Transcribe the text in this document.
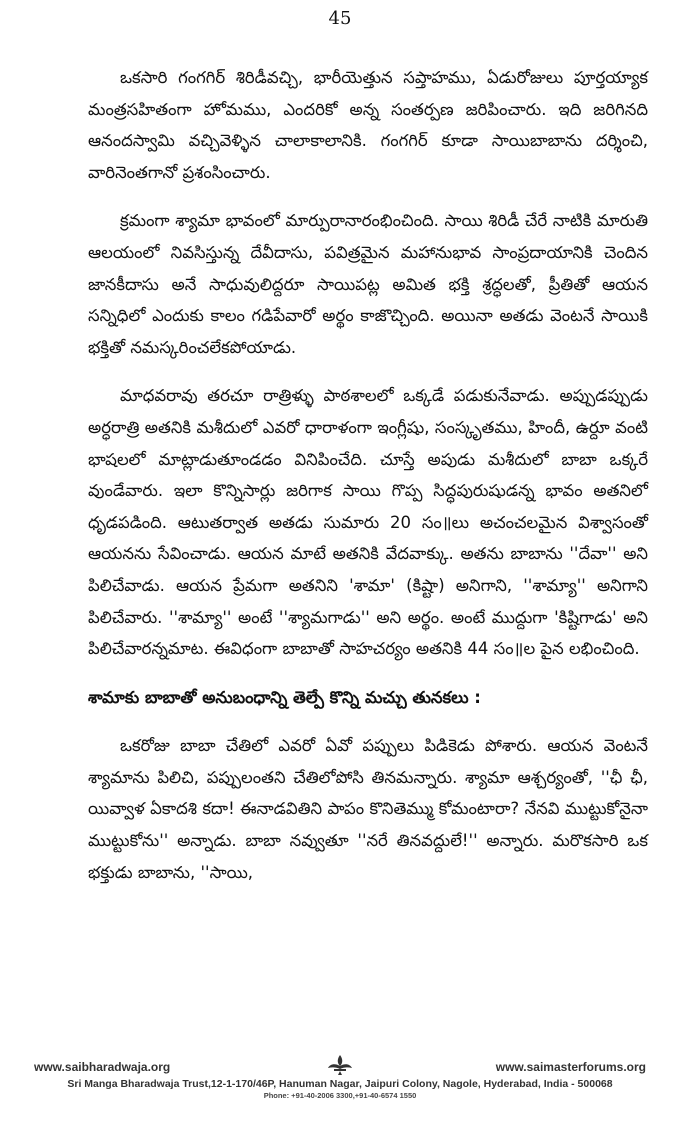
45

ఒకసారి గంగగిర్ శిరిడీవచ్చి, భారీయెత్తున సప్తాహము, ఏడురోజులు పూర్తయ్యాక మంత్రసహితంగా హోమము, ఎందరికో అన్న సంతర్పణ జరిపించారు. ఇది జరిగినది ఆనందస్వామి వచ్చివెళ్ళిన చాలాకాలానికి. గంగగిర్ కూడా సాయిబాబాను దర్శించి, వారినెంతగానో ప్రశంసించారు.

క్రమంగా శ్యామా భావంలో మార్పురానారంభించింది. సాయి శిరిడీ చేరే నాటికి మారుతి ఆలయంలో నివసిస్తున్న దేవీదాసు, పవిత్రమైన మహానుభావ సాంప్రదాయానికి చెందిన జానకీదాసు అనే సాధువులిద్దరూ సాయిపట్ల అమిత భక్తి శ్రద్ధలతో, ప్రీతితో ఆయన సన్నిధిలో ఎందుకు కాలం గడిపేవారో అర్థం కాజొచ్చింది. అయినా అతడు వెంటనే సాయికి భక్తితో నమస్కరించలేకపోయాడు.

మాధవరావు తరచూ రాత్రిళ్ళు పాఠశాలలో ఒక్కడే పడుకునేవాడు. అప్పుడప్పుడు అర్ధరాత్రి అతనికి మశీదులో ఎవరో ధారాళంగా ఇంగ్లీషు, సంస్కృతము, హిందీ, ఉర్దూ వంటి భాషలలో మాట్లాడుతూండడం వినిపించేది. చూస్తే అపుడు మశీదులో బాబా ఒక్కరే వుండేవారు. ఇలా కొన్నిసార్లు జరిగాక సాయి గొప్ప సిద్ధపురుషుడన్న భావం అతనిలో ధృడపడింది. ఆటుతర్వాత అతడు సుమారు 20 సం॥లు అచంచలమైన విశ్వాసంతో ఆయనను సేవించాడు. ఆయన మాటే అతనికి వేదవాక్కు. అతను బాబాను ''దేవా'' అని పిలిచేవాడు. ఆయన ప్రేమగా అతనిని 'శామా' (కిష్టా) అనిగాని, ''శామ్యా'' అనిగాని పిలిచేవారు. ''శామ్యా'' అంటే ''శ్యామగాడు'' అని అర్థం. అంటే ముద్దుగా 'కిష్టిగాడు' అని పిలిచేవారన్నమాట. ఈవిధంగా బాబాతో సాహచర్యం అతనికి 44 సం॥ల పైన లభించింది.

శామాకు బాబాతో అనుబంధాన్ని తెల్పే కొన్ని మచ్చు తునకలు :

ఒకరోజు బాబా చేతిలో ఎవరో ఏవో పప్పులు పిడికెడు పోశారు. ఆయన వెంటనే శ్యామాను పిలిచి, పప్పులంతని చేతిలోపోసి తినమన్నారు. శ్యామా ఆశ్చర్యంతో, ''ఛీ ఛీ, యివ్వాళ ఏకాదశి కదా! ఈనాడవితిని పాపం కొనితెమ్ము కోమంటారా? నేనవి ముట్టుకోనైనా ముట్టుకోను'' అన్నాడు. బాబా నవ్వుతూ ''నరే తినవద్దులే!'' అన్నారు. మరొకసారి ఒక భక్తుడు బాబాను, ''సాయి,

www.saibharadwaja.org	www.saimasterforums.org
Sri Manga Bharadwaja Trust,12-1-170/46P, Hanuman Nagar, Jaipuri Colony, Nagole, Hyderabad, India - 500068
Phone: +91-40-2006 3300,+91-40-6574 1550
